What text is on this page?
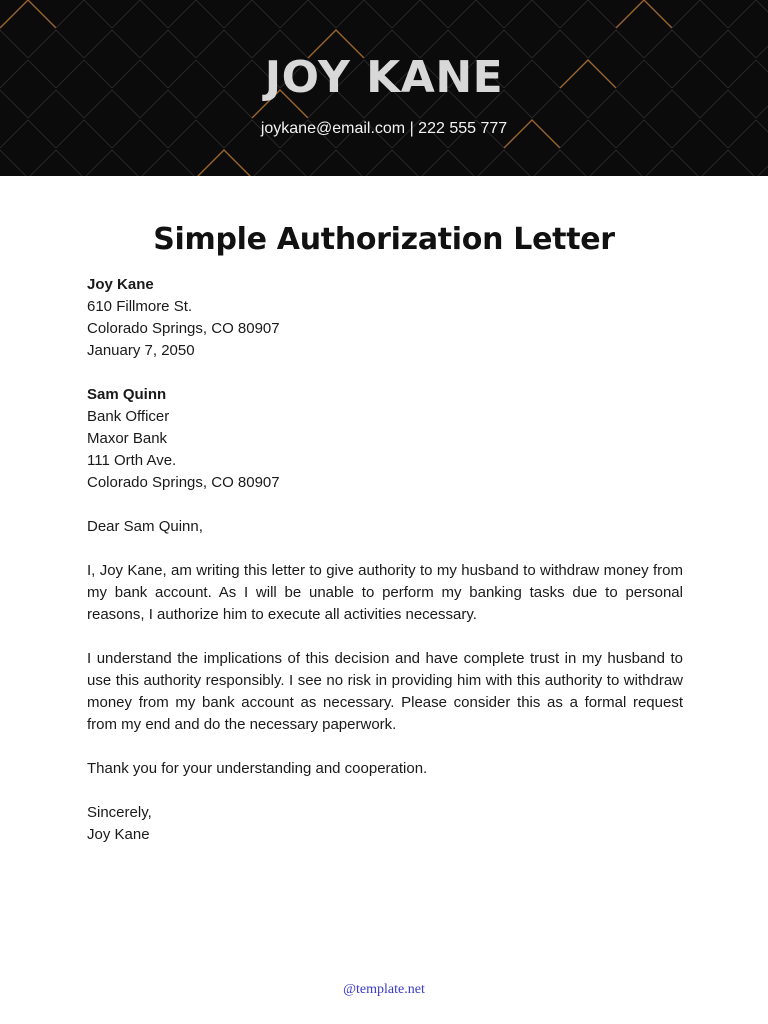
JOY KANE
joykane@email.com | 222 555 777
Simple Authorization Letter
Joy Kane
610 Fillmore St.
Colorado Springs, CO 80907
January 7, 2050
Sam Quinn
Bank Officer
Maxor Bank
111 Orth Ave.
Colorado Springs, CO 80907

Dear Sam Quinn,

I, Joy Kane, am writing this letter to give authority to my husband to withdraw money from my bank account. As I will be unable to perform my banking tasks due to personal reasons, I authorize him to execute all activities necessary.

I understand the implications of this decision and have complete trust in my husband to use this authority responsibly. I see no risk in providing him with this authority to withdraw money from my bank account as necessary. Please consider this as a formal request from my end and do the necessary paperwork.

Thank you for your understanding and cooperation.

Sincerely,
Joy Kane
@template.net
